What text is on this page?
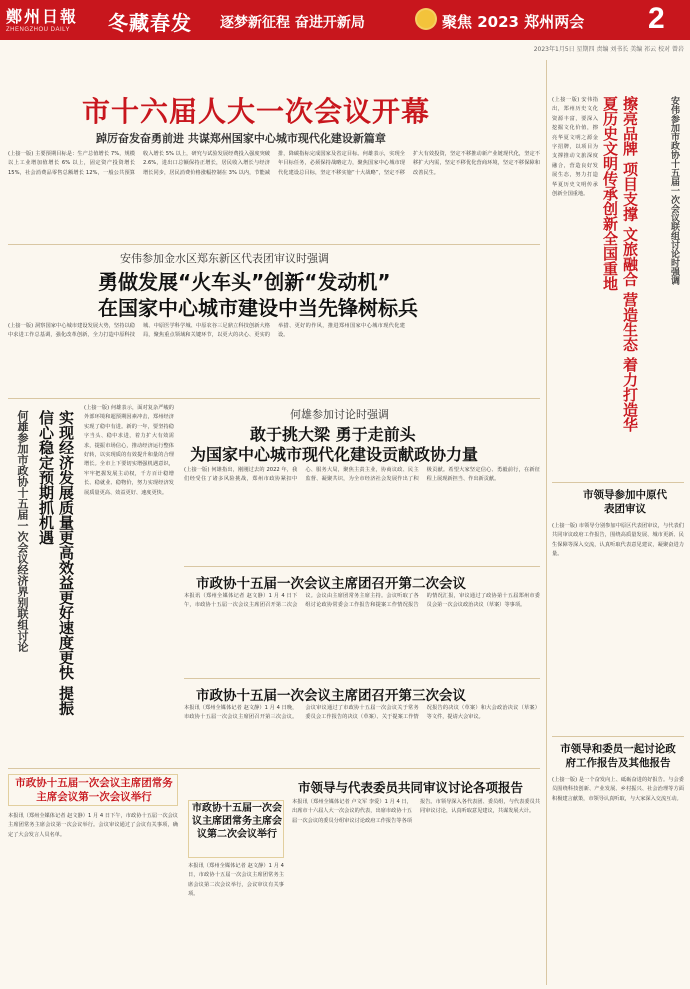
鄭州日報
ZHENGZHOU DAILY 冬藏春发 逐梦新征程 奋进开新局	聚焦 2023 郑州两会 2
2023年1月5日 星期四 责编 刘书长 美编 祁云 校对 曾岩
市十六届人大一次会议开幕
踔厉奋发奋勇前进 共谋郑州国家中心城市现代化建设新篇章
(上接一版) 主要预期目标是：生产总值增长 7%，规模以上工业增加值增长 6% 以上，固定资产投资增长 15%，社会消费品零售总额增长 12%，一般公共预算收入增长 5% 以上，研究与试验发展经费投入强度突破 2.6%，进出口总额保持正增长，居民收入增长与经济增长同步，居民消费价格涨幅控制在 3% 以内，节能减排，降碳指标完成国家及省定目标。何雄表示，实现全年目标任务，必须保持战略定力，聚焦国家中心城市现代化建设总目标，坚定不移实施“十大战略”，坚定不移扩大有效投资，坚定不移推动新产业链现代化，坚定不移扩大内需，坚定不移优化营商环境，坚定不移保障和改善民生。
安伟参加金水区郑东新区代表团审议时强调
勇做发展“火车头”创新“发动机”
在国家中心城市建设中当先锋树标兵
(上接一版) 洞察国家中心城市建设发展大势，坚持以稳中求进工作总基调，强化改革创新，全力打造中原科技城、中原医学科学城、中原农谷三足鼎立科技创新大格局，聚焦重点领域和关键环节，以更大的决心、更实的举措、更好的作风，推进郑州国家中心城市现代化建设。
何雄参加市政协十五届一次会议经济界别联组讨论	实现经济发展质量更高效益更好速度更快 提振信心稳定预期抓机遇
(上接一版) 何雄表示，面对复杂严峻的外部环境和超预期因素冲击，郑州经济实现了稳中有进。新的一年，要坚持稳字当头、稳中求进，着力扩大有效需求，提振市场信心，推动经济运行整体好转，以实现质的有效提升和量的合理增长。全市上下要切实增强机遇意识，牢牢把握发展主动权，千方百计稳增长、稳就业、稳物价，努力实现经济发展质量更高、效益更好、速度更快。
何雄参加讨论时强调
敢于挑大梁 勇于走前头
为国家中心城市现代化建设贡献政协力量
(上接一版) 何雄指出，刚刚过去的 2022 年，我们经受住了诸多风险挑战，郑州市政协紧扣中心、服务大局，聚焦主责主业，协商议政、民主监督、凝聚共识，为全市经济社会发展作出了积极贡献。希望大家坚定信心、勇毅前行，在新征程上展现新担当、作出新贡献。
市政协十五届一次会议主席团召开第二次会议
本报讯（郑州全媒体记者 赵文静）1 月 4 日下午，市政协十五届一次会议主席团召开第二次会议。会议由主席团常务主席主持。会议听取了各组讨论政协常委会工作报告和提案工作情况报告的情况汇报，审议通过了政协第十五届郑州市委员会第一次会议政治决议（草案）等事项。
市政协十五届一次会议主席团召开第三次会议
本报讯（郑州全媒体记者 赵文静）1 月 4 日晚，市政协十五届一次会议主席团召开第三次会议。会议审议通过了市政协十五届一次会议关于常务委员会工作报告的决议（草案）、关于提案工作情况报告的决议（草案）和大会政治决议（草案）等文件，提请大会审议。
市政协十五届一次会议主席团常务主席会议第一次会议举行
本报讯（郑州全媒体记者 赵文静）1 月 4 日下午，市政协十五届一次会议主席团常务主席会议第一次会议举行。会议审议通过了会议有关事项，确定了大会发言人员名单。
市政协十五届一次会议主席团常务主席会议第二次会议举行
本报讯（郑州全媒体记者 赵文静）1 月 4 日，市政协十五届一次会议主席团常务主席会议第二次会议举行，会议审议有关事项。
市领导与代表委员共同审议讨论各项报告
本报讯（郑州全媒体记者 卢文军 李爱）1 月 4 日，出席市十六届人大一次会议的代表，出席市政协十五届一次会议的委员分组审议讨论政府工作报告等各项报告。市领导深入各代表团、委员组，与代表委员共同审议讨论，认真听取意见建议，共谋发展大计。
安伟参加市政协十五届一次会议联组讨论时强调
擦亮品牌 项目支撑 文旅融合 营造生态 着力打造华夏历史文明传承创新全国重地
(上接一版) 安伟指出，郑州历史文化资源丰富，要深入挖掘文化价值，擦亮华夏文明之源金字招牌，以项目为支撑推动文旅深度融合，营造良好发展生态，努力打造华夏历史文明传承创新全国重地。
市领导参加中原代表团审议
(上接一版) 市领导分别参加中原区代表团审议，与代表们共同审议政府工作报告，围绕高质量发展、城市更新、民生保障等深入交流，认真听取代表意见建议，凝聚奋进力量。
市领导和委员一起讨论政府工作报告及其他报告
(上接一版) 是一个奋发向上、砥砺奋进的好报告。与会委员围绕科技创新、产业发展、乡村振兴、社会治理等方面积极建言献策，市领导认真听取，与大家深入交流互动。
